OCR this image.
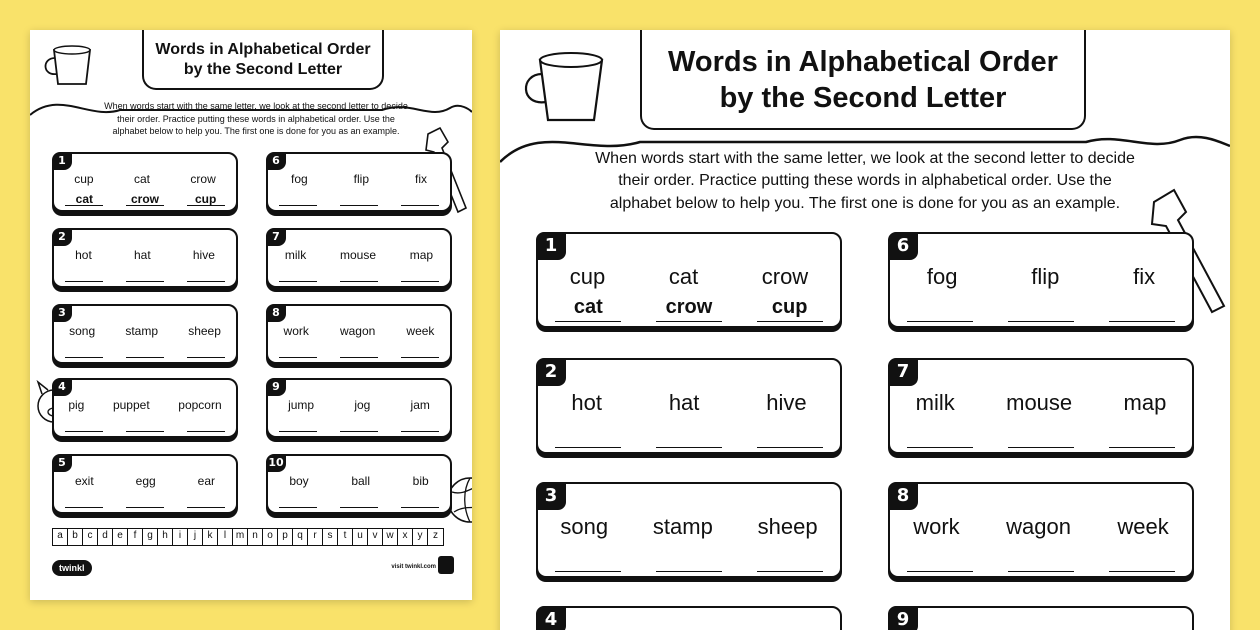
Words in Alphabetical Order
by the Second Letter
When words start with the same letter, we look at the second letter to decide
their order. Practice putting these words in alphabetical order. Use the
alphabet below to help you. The first one is done for you as an example.
1
cup	cat	crow
cat	crow	cup
2
hot	hat	hive
3
song	stamp	sheep
4
pig puppet popcorn
5
exit	egg	ear
6
fog	flip	fix
7
milk	mouse	map
8
work	wagon	week
9
jump	jog	jam
10
boy	ball	bib
a b c d e	f	g h	i	j	k	l m n o p q	r	s	t	u v w x	y	z
twinkl	visit twinkl.com
Words in Alphabetical Order
by the Second Letter
When words start with the same letter, we look at the second letter to decide
their order. Practice putting these words in alphabetical order. Use the
alphabet below to help you. The first one is done for you as an example.
1
cup	cat	crow
cat	crow	cup
2
hot	hat	hive
3
song stamp sheep
4
6
fog	flip	fix
7
milk mouse map
8
work wagon week
9
